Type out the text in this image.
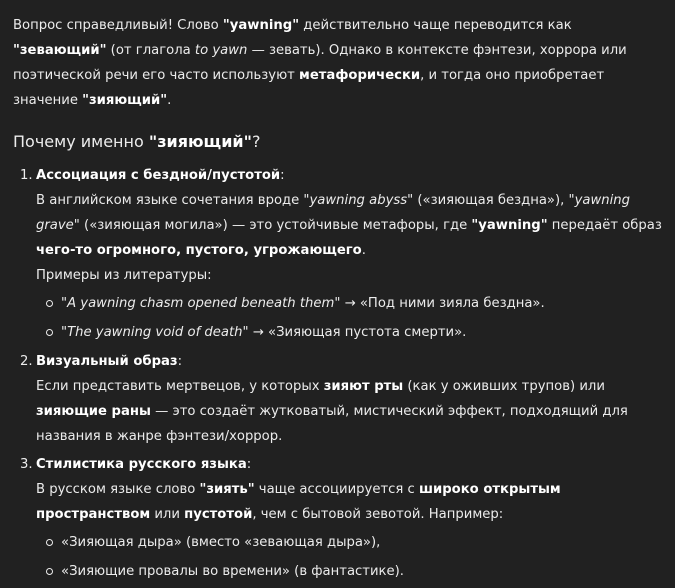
Вопрос справедливый! Слово "yawning" действительно чаще переводится как "зевающий" (от глагола to yawn — зевать). Однако в контексте фэнтези, хоррора или поэтической речи его часто используют метафорически, и тогда оно приобретает значение "зияющий".

Почему именно "зияющий"?
1. Ассоциация с бездной/пустотой:

В английском языке сочетания вроде "yawning abyss" («зияющая бездна»), "yawning grave" («зияющая могила») — это устойчивые метафоры, где "yawning" передаёт образ чего-то огромного, пустого, угрожающего.

Примеры из литературы:

"A yawning chasm opened beneath them" → «Под ними зияла бездна».
"The yawning void of death" → «Зияющая пустота смерти».
2. Визуальный образ:

Если представить мертвецов, у которых зияют рты (как у оживших трупов) или зияющие раны — это создаёт жутковатый, мистический эффект, подходящий для названия в жанре фэнтези/хоррор.

3. Стилистика русского языка:

В русском языке слово "зиять" чаще ассоциируется с широко открытым пространством или пустотой, чем с бытовой зевотой. Например:

«Зияющая дыра» (вместо «зевающая дыра»),
«Зияющие провалы во времени» (в фантастике).
